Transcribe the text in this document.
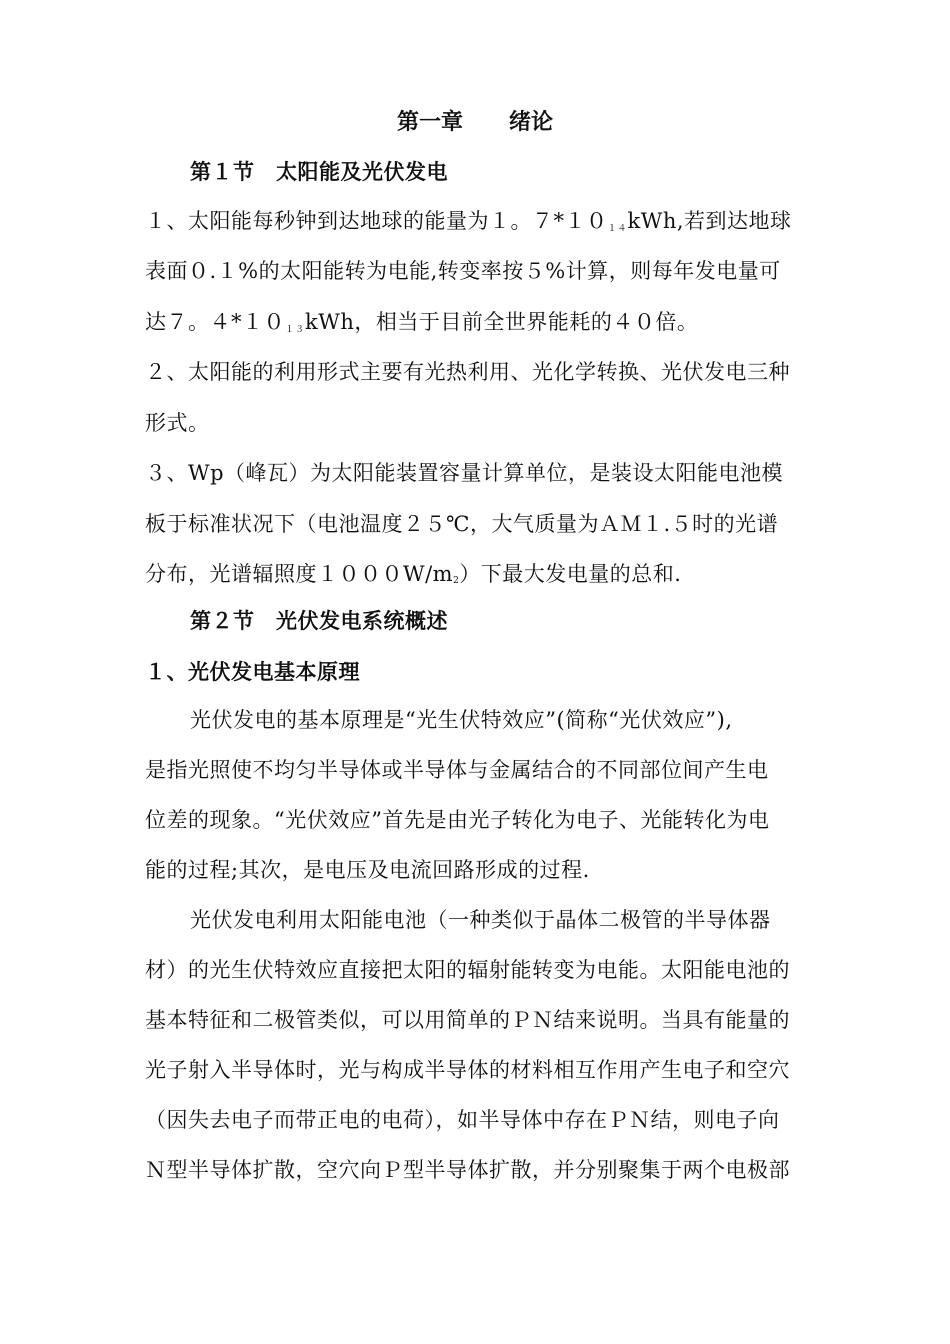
第一章 绪论
第１节　太阳能及光伏发电
１、太阳能每秒钟到达地球的能量为１。$7*10_{14}kWh$,若到达地球
表面０.１%的太阳能转为电能,转变率按５%计算，则每年发电量可
达７。$4*10_{13}kWh$，相当于目前全世界能耗的４０倍。
２、太阳能的利用形式主要有光热利用、光化学转换、光伏发电三种
形式。
３、Wp（峰瓦）为太阳能装置容量计算单位，是装设太阳能电池模
板于标准状况下（电池温度２５℃，大气质量为ＡＭ１.５时的光谱
分布，光谱辐照度$1000W/m_2$）下最大发电量的总和.
第２节　光伏发电系统概述
１、光伏发电基本原理
光伏发电的基本原理是“光生伏特效应”(简称“光伏效应”),
是指光照使不均匀半导体或半导体与金属结合的不同部位间产生电
位差的现象。“光伏效应”首先是由光子转化为电子、光能转化为电
能的过程;其次，是电压及电流回路形成的过程.
光伏发电利用太阳能电池（一种类似于晶体二极管的半导体器
材）的光生伏特效应直接把太阳的辐射能转变为电能。太阳能电池的
基本特征和二极管类似，可以用简单的ＰＮ结来说明。当具有能量的
光子射入半导体时，光与构成半导体的材料相互作用产生电子和空穴
（因失去电子而带正电的电荷），如半导体中存在ＰＮ结，则电子向
Ｎ型半导体扩散，空穴向Ｐ型半导体扩散，并分别聚集于两个电极部
